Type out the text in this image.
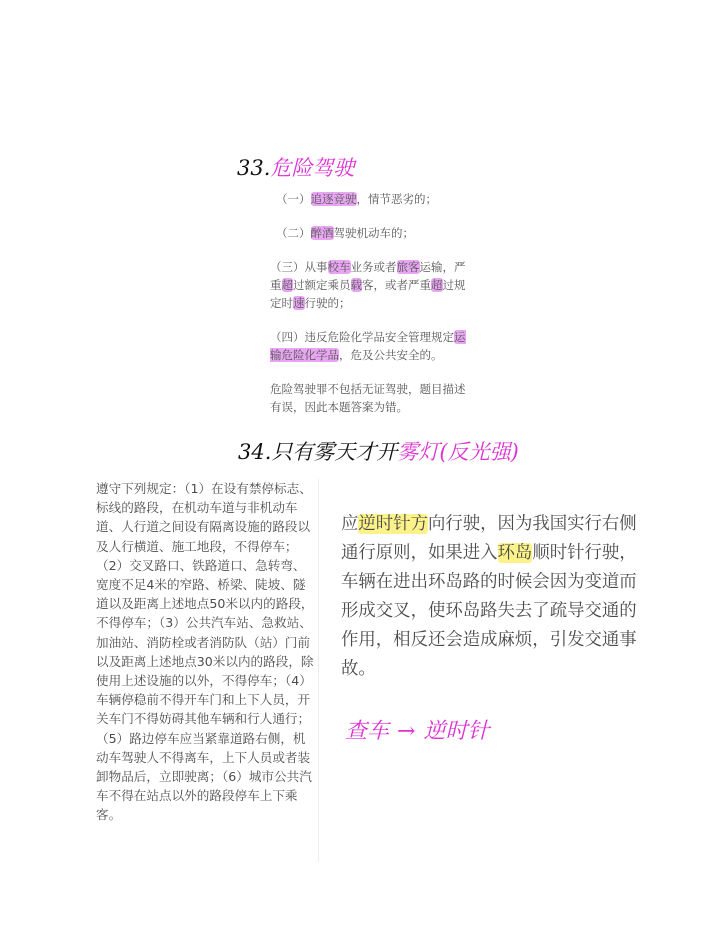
33.危险驾驶

（一）追逐竞驶，情节恶劣的；

（二）醉酒驾驶机动车的；

（三）从事校车业务或者旅客运输，严重超过额定乘员载客，或者严重超过规定时速行驶的；

（四）违反危险化学品安全管理规定运输危险化学品，危及公共安全的。

危险驾驶罪不包括无证驾驶，题目描述有误，因此本题答案为错。

34.只有雾天才开雾灯(反光强)
遵守下列规定：（1）在设有禁停标志、标线的路段，在机动车道与非机动车道、人行道之间设有隔离设施的路段以及人行横道、施工地段，不得停车；（2）交叉路口、铁路道口、急转弯、宽度不足4米的窄路、桥梁、陡坡、隧道以及距离上述地点50米以内的路段，不得停车；（3）公共汽车站、急救站、加油站、消防栓或者消防队（站）门前以及距离上述地点30米以内的路段，除使用上述设施的以外，不得停车；（4）车辆停稳前不得开车门和上下人员，开关车门不得妨碍其他车辆和行人通行；（5）路边停车应当紧靠道路右侧，机动车驾驶人不得离车，上下人员或者装卸物品后，立即驶离；（6）城市公共汽车不得在站点以外的路段停车上下乘客。
应逆时针方向行驶，因为我国实行右侧通行原则，如果进入环岛顺时针行驶，车辆在进出环岛路的时候会因为变道而形成交叉，使环岛路失去了疏导交通的作用，相反还会造成麻烦，引发交通事故。
查车 → 逆时针
